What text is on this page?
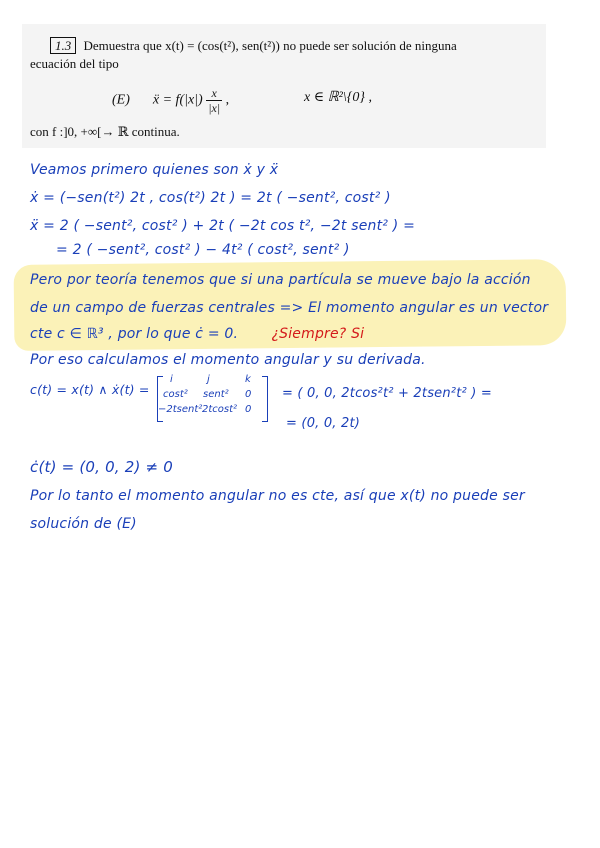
1.3 Demuestra que x(t) = (cos(t²), sen(t²)) no puede ser solución de ninguna
ecuación del tipo
(E) ẍ = $f(|x|) \frac{x}{|x|}$ ,	x ∈ ℝ²\{0} ,
con f :]0, +∞[→ ℝ continua.
Veamos primero quienes son ẋ y ẍ
ẋ = (−sen(t²) 2t , cos(t²) 2t ) = 2t ( −sent², cost² )
ẍ = 2 ( −sent², cost² ) + 2t ( −2t cos t², −2t sent² ) =
= 2 ( −sent², cost² ) − 4t² ( cost², sent² )
Pero por teoría tenemos que si una partícula se mueve bajo la acción
de un campo de fuerzas centrales => El momento angular es un vector
cte c ∈ ℝ³ , por lo que ċ = 0. ¿Siempre? Si
Por eso calculamos el momento angular y su derivada.
c(t) = x(t) ∧ ẋ(t) =
i	j	k
cost² sent² 0
−2tsent² 2tcost² 0
= ( 0, 0, 2tcos²t² + 2tsen²t² ) =
= (0, 0, 2t)
ċ(t) = (0, 0, 2) ≠ 0
Por lo tanto el momento angular no es cte, así que x(t) no puede ser
solución de (E)
